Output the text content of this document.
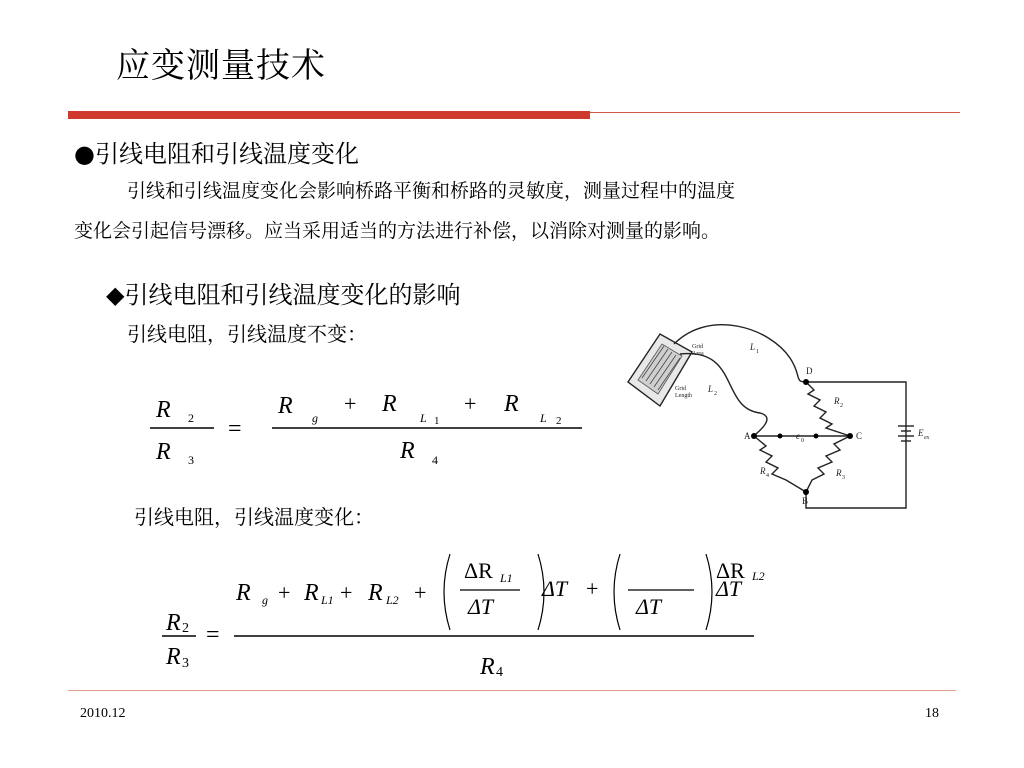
应变测量技术
●引线电阻和引线温度变化
引线和引线温度变化会影响桥路平衡和桥路的灵敏度，测量过程中的温度
变化会引起信号漂移。应当采用适当的方法进行补偿，以消除对测量的影响。
◆引线电阻和引线温度变化的影响
引线电阻，引线温度不变：
R 2
R 3
=
R g
+ R
L 1
+ R
L 2
R 4
引线电阻，引线温度变化：
R 2
R 3
=
R g + R L1 + R L2 +
ΔR L1
ΔT
ΔT +
ΔT
ΔR L2
ΔT
R 4
Grid
Area
Grid
Length
L 1
L 2
D
A	C
B
e 0
E ex
R 2
R 3
R 4
2010.12	18
